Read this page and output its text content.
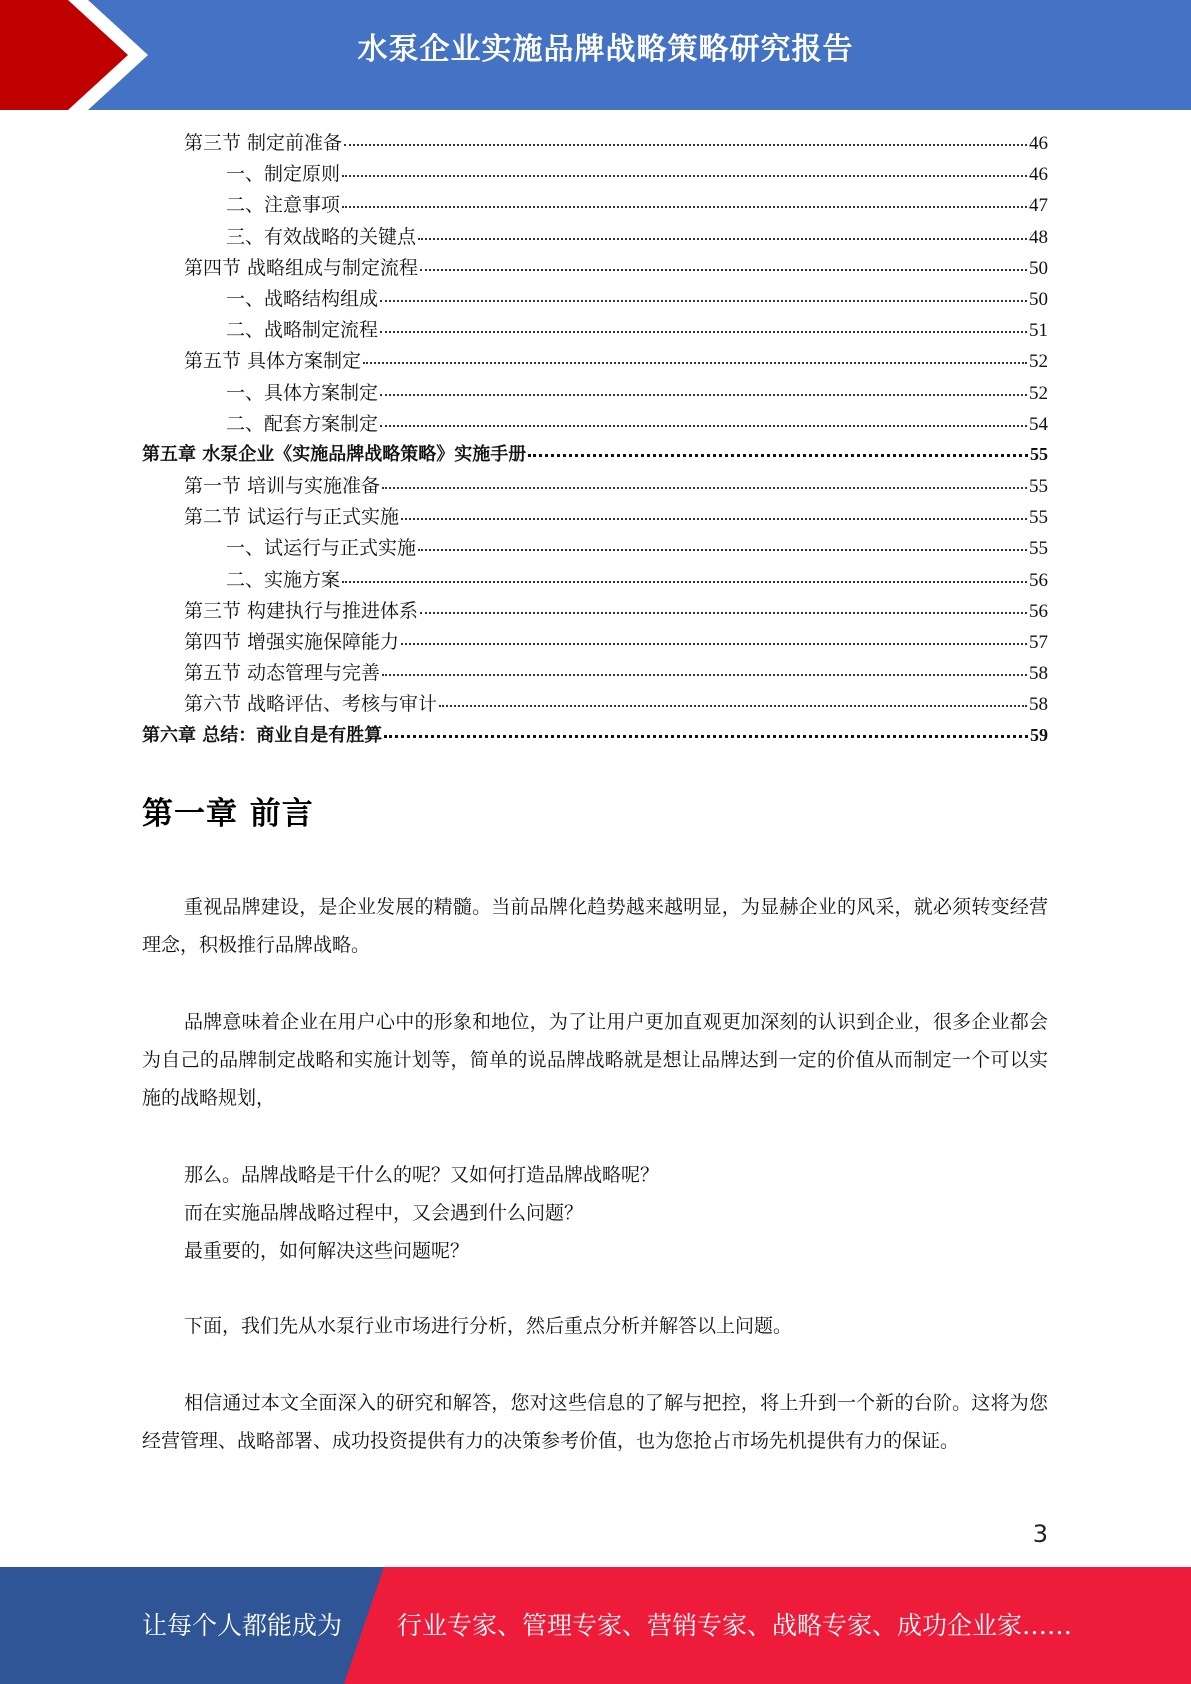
水泵企业实施品牌战略策略研究报告
第三节 制定前准备	46
一、制定原则	46
二、注意事项	47
三、有效战略的关键点	48
第四节 战略组成与制定流程	50
一、战略结构组成	50
二、战略制定流程	51
第五节 具体方案制定	52
一、具体方案制定	52
二、配套方案制定	54
第五章 水泵企业《实施品牌战略策略》实施手册	55
第一节 培训与实施准备	55
第二节 试运行与正式实施	55
一、试运行与正式实施	55
二、实施方案	56
第三节 构建执行与推进体系	56
第四节 增强实施保障能力	57
第五节 动态管理与完善	58
第六节 战略评估、考核与审计	58
第六章 总结：商业自是有胜算	59
第一章 前言

重视品牌建设，是企业发展的精髓。当前品牌化趋势越来越明显，为显赫企业的风采，就必须转变经营理念，积极推行品牌战略。

品牌意味着企业在用户心中的形象和地位，为了让用户更加直观更加深刻的认识到企业，很多企业都会为自己的品牌制定战略和实施计划等，简单的说品牌战略就是想让品牌达到一定的价值从而制定一个可以实施的战略规划，

那么。品牌战略是干什么的呢？又如何打造品牌战略呢？

而在实施品牌战略过程中，又会遇到什么问题？

最重要的，如何解决这些问题呢？

下面，我们先从水泵行业市场进行分析，然后重点分析并解答以上问题。

相信通过本文全面深入的研究和解答，您对这些信息的了解与把控，将上升到一个新的台阶。这将为您经营管理、战略部署、成功投资提供有力的决策参考价值，也为您抢占市场先机提供有力的保证。

3
让每个人都能成为 行业专家、管理专家、营销专家、战略专家、成功企业家……
